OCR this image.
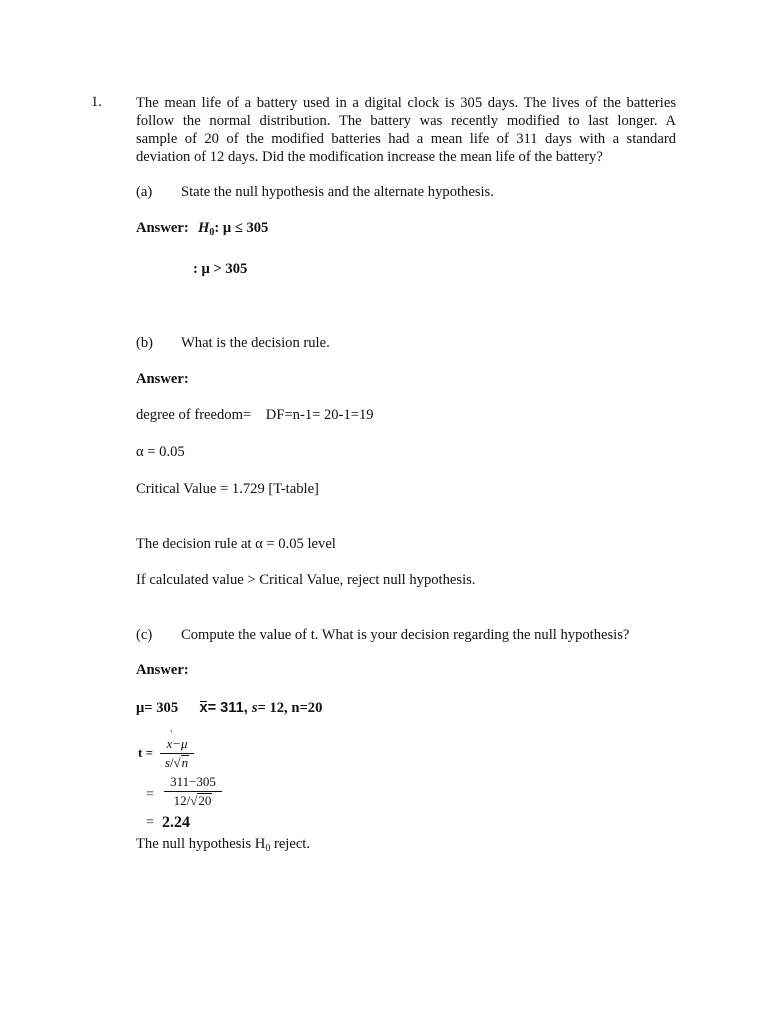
1. The mean life of a battery used in a digital clock is 305 days. The lives of the batteries
follow the normal distribution. The battery was recently modified to last longer. A
sample of 20 of the modified batteries had a mean life of 311 days with a standard
deviation of 12 days. Did the modification increase the mean life of the battery?
(a) State the null hypothesis and the alternate hypothesis.
Answer: $H_0$: μ ≤ 305
: μ > 305
(b) What is the decision rule.
Answer:
degree of freedom=    DF=n-1= 20-1=19
α = 0.05
Critical Value = 1.729 [T-table]
The decision rule at α = 0.05 level
If calculated value > Critical Value, reject null hypothesis.
(c) Compute the value of t. What is your decision regarding the null hypothesis?
Answer:
μ= 305 x= 311, s= 12, n=20
t =
˙ x−μ
s/√n
=
311−305
12/√20
= 2.24
The null hypothesis $H_0$ reject.
